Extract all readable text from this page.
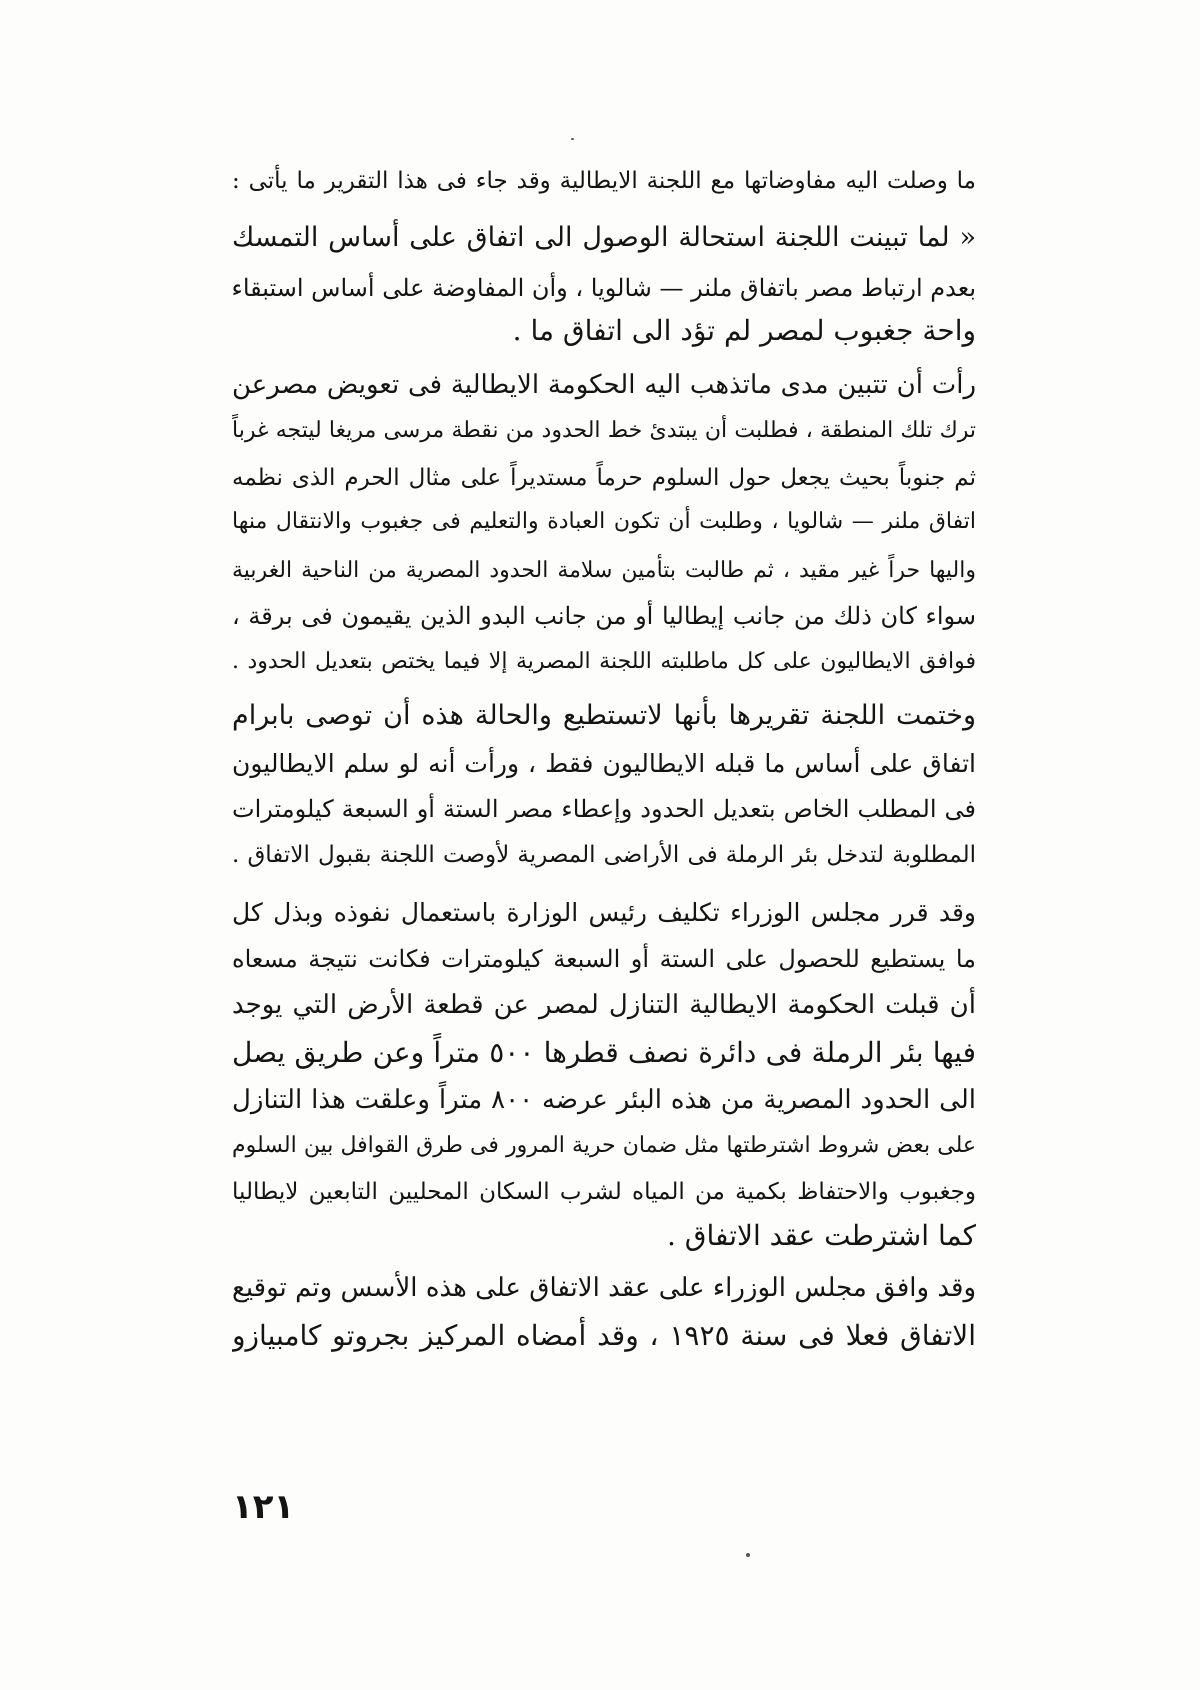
ما وصلت اليه مفاوضاتها مع اللجنة الايطالية وقد جاء فى هذا التقرير ما يأتى :
« لما تبينت اللجنة استحالة الوصول الى اتفاق على أساس التمسك
بعدم ارتباط مصر باتفاق ملنر — شالويا ، وأن المفاوضة على أساس استبقاء
واحة جغبوب لمصر لم تؤد الى اتفاق ما .
رأت أن تتبين مدى ماتذهب اليه الحكومة الايطالية فى تعويض مصرعن
ترك تلك المنطقة ، فطلبت أن يبتدئ خط الحدود من نقطة مرسى مريغا ليتجه غرباً
ثم جنوباً بحيث يجعل حول السلوم حرماً مستديراً على مثال الحرم الذى نظمه
اتفاق ملنر — شالويا ، وطلبت أن تكون العبادة والتعليم فى جغبوب والانتقال منها
واليها حراً غير مقيد ، ثم طالبت بتأمين سلامة الحدود المصرية من الناحية الغربية
سواء كان ذلك من جانب إيطاليا أو من جانب البدو الذين يقيمون فى برقة ،
فوافق الايطاليون على كل ماطلبته اللجنة المصرية إلا فيما يختص بتعديل الحدود .
وختمت اللجنة تقريرها بأنها لاتستطيع والحالة هذه أن توصى بابرام
اتفاق على أساس ما قبله الايطاليون فقط ، ورأت أنه لو سلم الايطاليون
فى المطلب الخاص بتعديل الحدود وإعطاء مصر الستة أو السبعة كيلومترات
المطلوبة لتدخل بئر الرملة فى الأراضى المصرية لأوصت اللجنة بقبول الاتفاق .
وقد قرر مجلس الوزراء تكليف رئيس الوزارة باستعمال نفوذه وبذل كل
ما يستطيع للحصول على الستة أو السبعة كيلومترات فكانت نتيجة مسعاه
أن قبلت الحكومة الايطالية التنازل لمصر عن قطعة الأرض التي يوجد
فيها بئر الرملة فى دائرة نصف قطرها ٥٠٠ متراً وعن طريق يصل
الى الحدود المصرية من هذه البئر عرضه ٨٠٠ متراً وعلقت هذا التنازل
على بعض شروط اشترطتها مثل ضمان حرية المرور فى طرق القوافل بين السلوم
وجغبوب والاحتفاظ بكمية من المياه لشرب السكان المحليين التابعين لايطاليا
كما اشترطت عقد الاتفاق .
وقد وافق مجلس الوزراء على عقد الاتفاق على هذه الأسس وتم توقيع
الاتفاق فعلا فى سنة ١٩٢٥ ، وقد أمضاه المركيز بجروتو كامبيازو
١٢١
